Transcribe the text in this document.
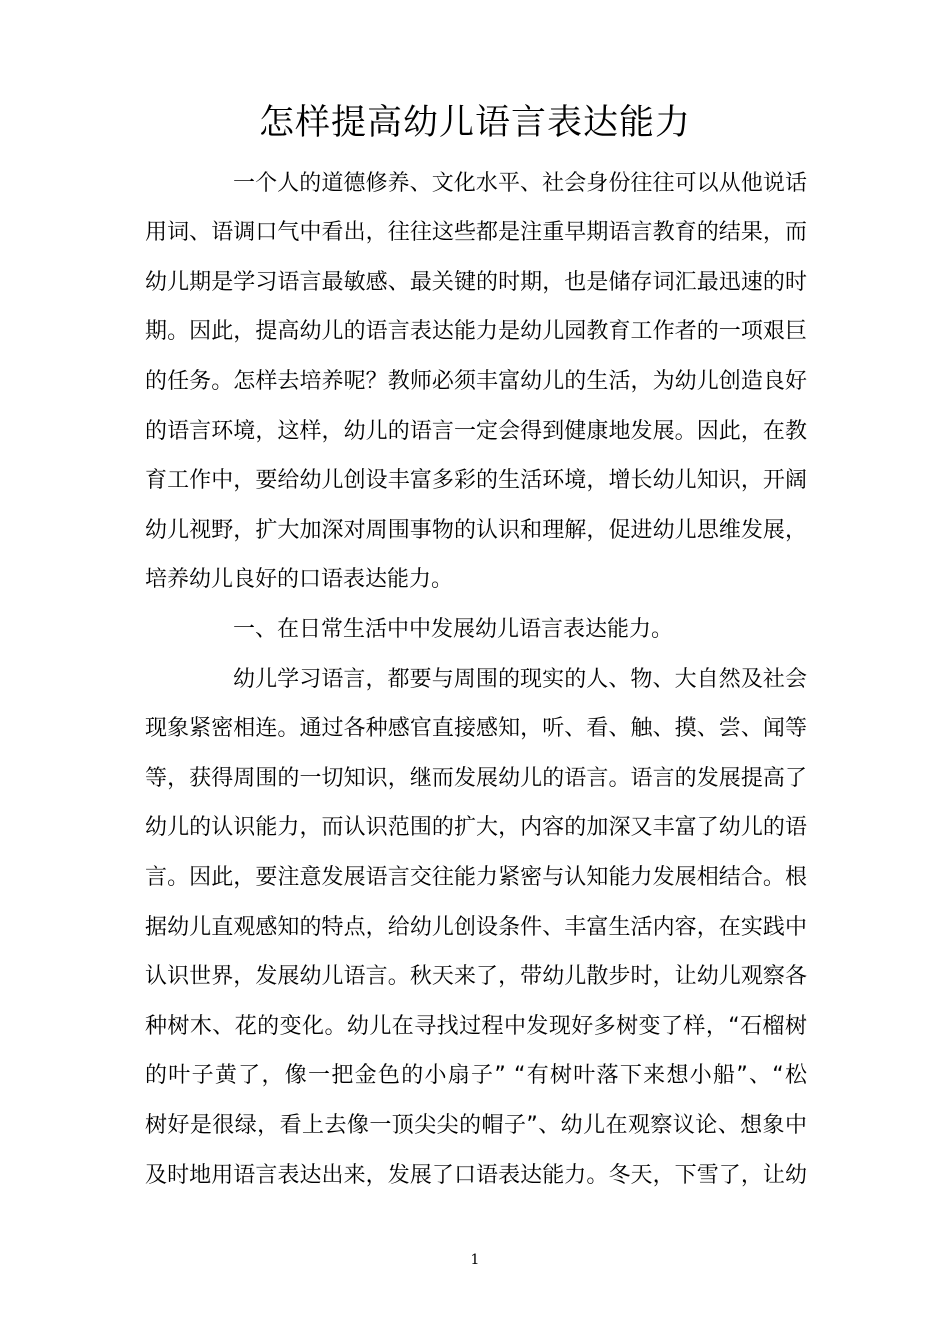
怎样提高幼儿语言表达能力
一个人的道德修养、文化水平、社会身份往往可以从他说话
用词、语调口气中看出，往往这些都是注重早期语言教育的结果，而
幼儿期是学习语言最敏感、最关键的时期，也是储存词汇最迅速的时
期。因此，提高幼儿的语言表达能力是幼儿园教育工作者的一项艰巨
的任务。怎样去培养呢？教师必须丰富幼儿的生活，为幼儿创造良好
的语言环境，这样，幼儿的语言一定会得到健康地发展。因此，在教
育工作中，要给幼儿创设丰富多彩的生活环境，增长幼儿知识，开阔
幼儿视野，扩大加深对周围事物的认识和理解，促进幼儿思维发展，
培养幼儿良好的口语表达能力。
一、在日常生活中中发展幼儿语言表达能力。
幼儿学习语言，都要与周围的现实的人、物、大自然及社会
现象紧密相连。通过各种感官直接感知，听、看、触、摸、尝、闻等
等，获得周围的一切知识，继而发展幼儿的语言。语言的发展提高了
幼儿的认识能力，而认识范围的扩大，内容的加深又丰富了幼儿的语
言。因此，要注意发展语言交往能力紧密与认知能力发展相结合。根
据幼儿直观感知的特点，给幼儿创设条件、丰富生活内容，在实践中
认识世界，发展幼儿语言。秋天来了，带幼儿散步时，让幼儿观察各
种树木、花的变化。幼儿在寻找过程中发现好多树变了样，“石榴树
的叶子黄了，像一把金色的小扇子” “有树叶落下来想小船”、“松
树好是很绿，看上去像一顶尖尖的帽子”、幼儿在观察议论、想象中
及时地用语言表达出来，发展了口语表达能力。冬天，下雪了，让幼
1
